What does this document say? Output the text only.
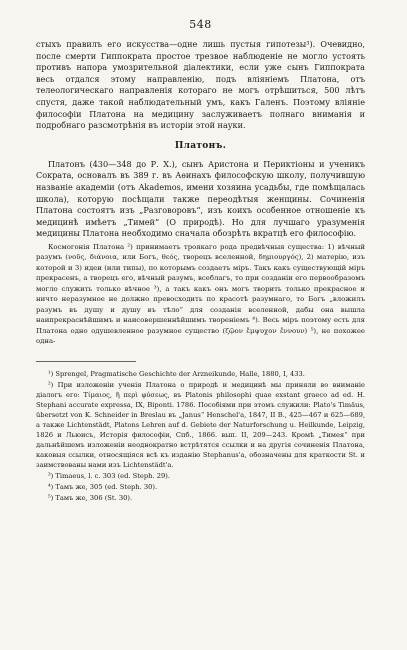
548

стыхъ правилъ его искусства—одне лишь пустыя гипотезы³). Очевидно, после смерти Гиппократа простое трезвое наблюденіе не могло устоять противъ напора умозрительной діалектики, если уже сынъ Гиппократа весь отдался этому направленію, подъ вліяніемъ Платона, отъ телеологическаго направленія котораго не могъ отрѣшиться, 500 лѣтъ спустя, даже такой наблюдательный умъ, какъ Галенъ. Поэтому вліяніе философіи Платона на медицину заслуживаетъ полнаго вниманія и подробнаго разсмотрѣнія въ исторіи этой науки.

Платонъ.

Платонъ (430—348 до Р. Х.), сынъ Аристона и Периктіоны и ученикъ Сократа, основалъ въ 389 г. въ Аѳинахъ философскую школу, получившую названіе академіи (отъ Akademos, имени хозяина усадьбы, где помѣщалась школа), которую посѣщали также переодѣтыя женщины. Сочиненія Платона состоятъ изъ „Разговоровъ“, изъ коихъ особенное отношеніе къ медицинѣ имѣетъ „Тимей“ (О природѣ). Но для лучшаго уразуменія медицины Платона необходимо сначала обозрѣть вкратцѣ его философію.

Космогонія Платона ²) принимаетъ троякаго рода предвѣчныя существа: 1) вѣчный разумъ (νοῦς, διάνοια, или Богъ, θεός, творецъ вселенной, δημιουργός), 2) матерію, изъ которой и 3) идеи (или типы), по которымъ создаетъ міръ. Такъ какъ существующій міръ прекрасенъ, а творецъ его, вѣчный разумъ, всеблагъ, то при созданіи его первообразомъ могло служить только вѣчное ³), а такъ какъ онъ могъ творить только прекрасное и ничто неразумное не должно превосходить по красотѣ разумнаго, то Богъ „вложилъ разумъ въ душу и душу въ тѣло“ для созданія вселенной, дабы она вышла наипрекраснѣйшимъ и наисовершеннѣйшимъ твореніемъ ⁴). Весь міръ поэтому есть для Платона одно одушевленное разумное существо (ζῷον ἔμψυχον ἔννουν) ⁵), не похожее одна-

¹) Sprengel, Pragmatische Geschichte der Arzneikunde, Halle, 1880, I, 433.

²) При изложеніи ученія Платона о природѣ и медицинѣ мы приняли во вниманіе діалогъ его: Τίμαιος, ἢ περὶ φύσεως, въ Platonis philosophi quae exstant graeco ad ed. H. Stephani accurate expressa, IX, Biponti. 1786. Пособіями при этомъ служили: Plato's Timäus, übersetzt von K. Schneider in Breslau въ „Janus“ Henschel'a, 1847, II B., 425—467 и 625—689, а также Lichtenstädt, Platons Lehren auf d. Gebiete der Naturforschung u. Heilkunde, Leipzig, 1826 и Льюисъ, Исторія философіи, Спб., 1866. вып. II, 209—243. Кромѣ „Тимея“ при дальнѣйшемъ изложеніи неоднократно встрѣтятся ссылки и на другія сочиненія Платона, каковыя ссылки, относящіяся всѣ къ изданію Stephanus'a, обозначены для краткости St. и заимствованы нами изъ Lichtenstädt'a.

³) Timaeus, l. c. 303 (ed. Steph. 29).

⁴) Тамъ же, 305 (ed. Steph. 30).

⁵) Тамъ же, 306 (St. 30).
